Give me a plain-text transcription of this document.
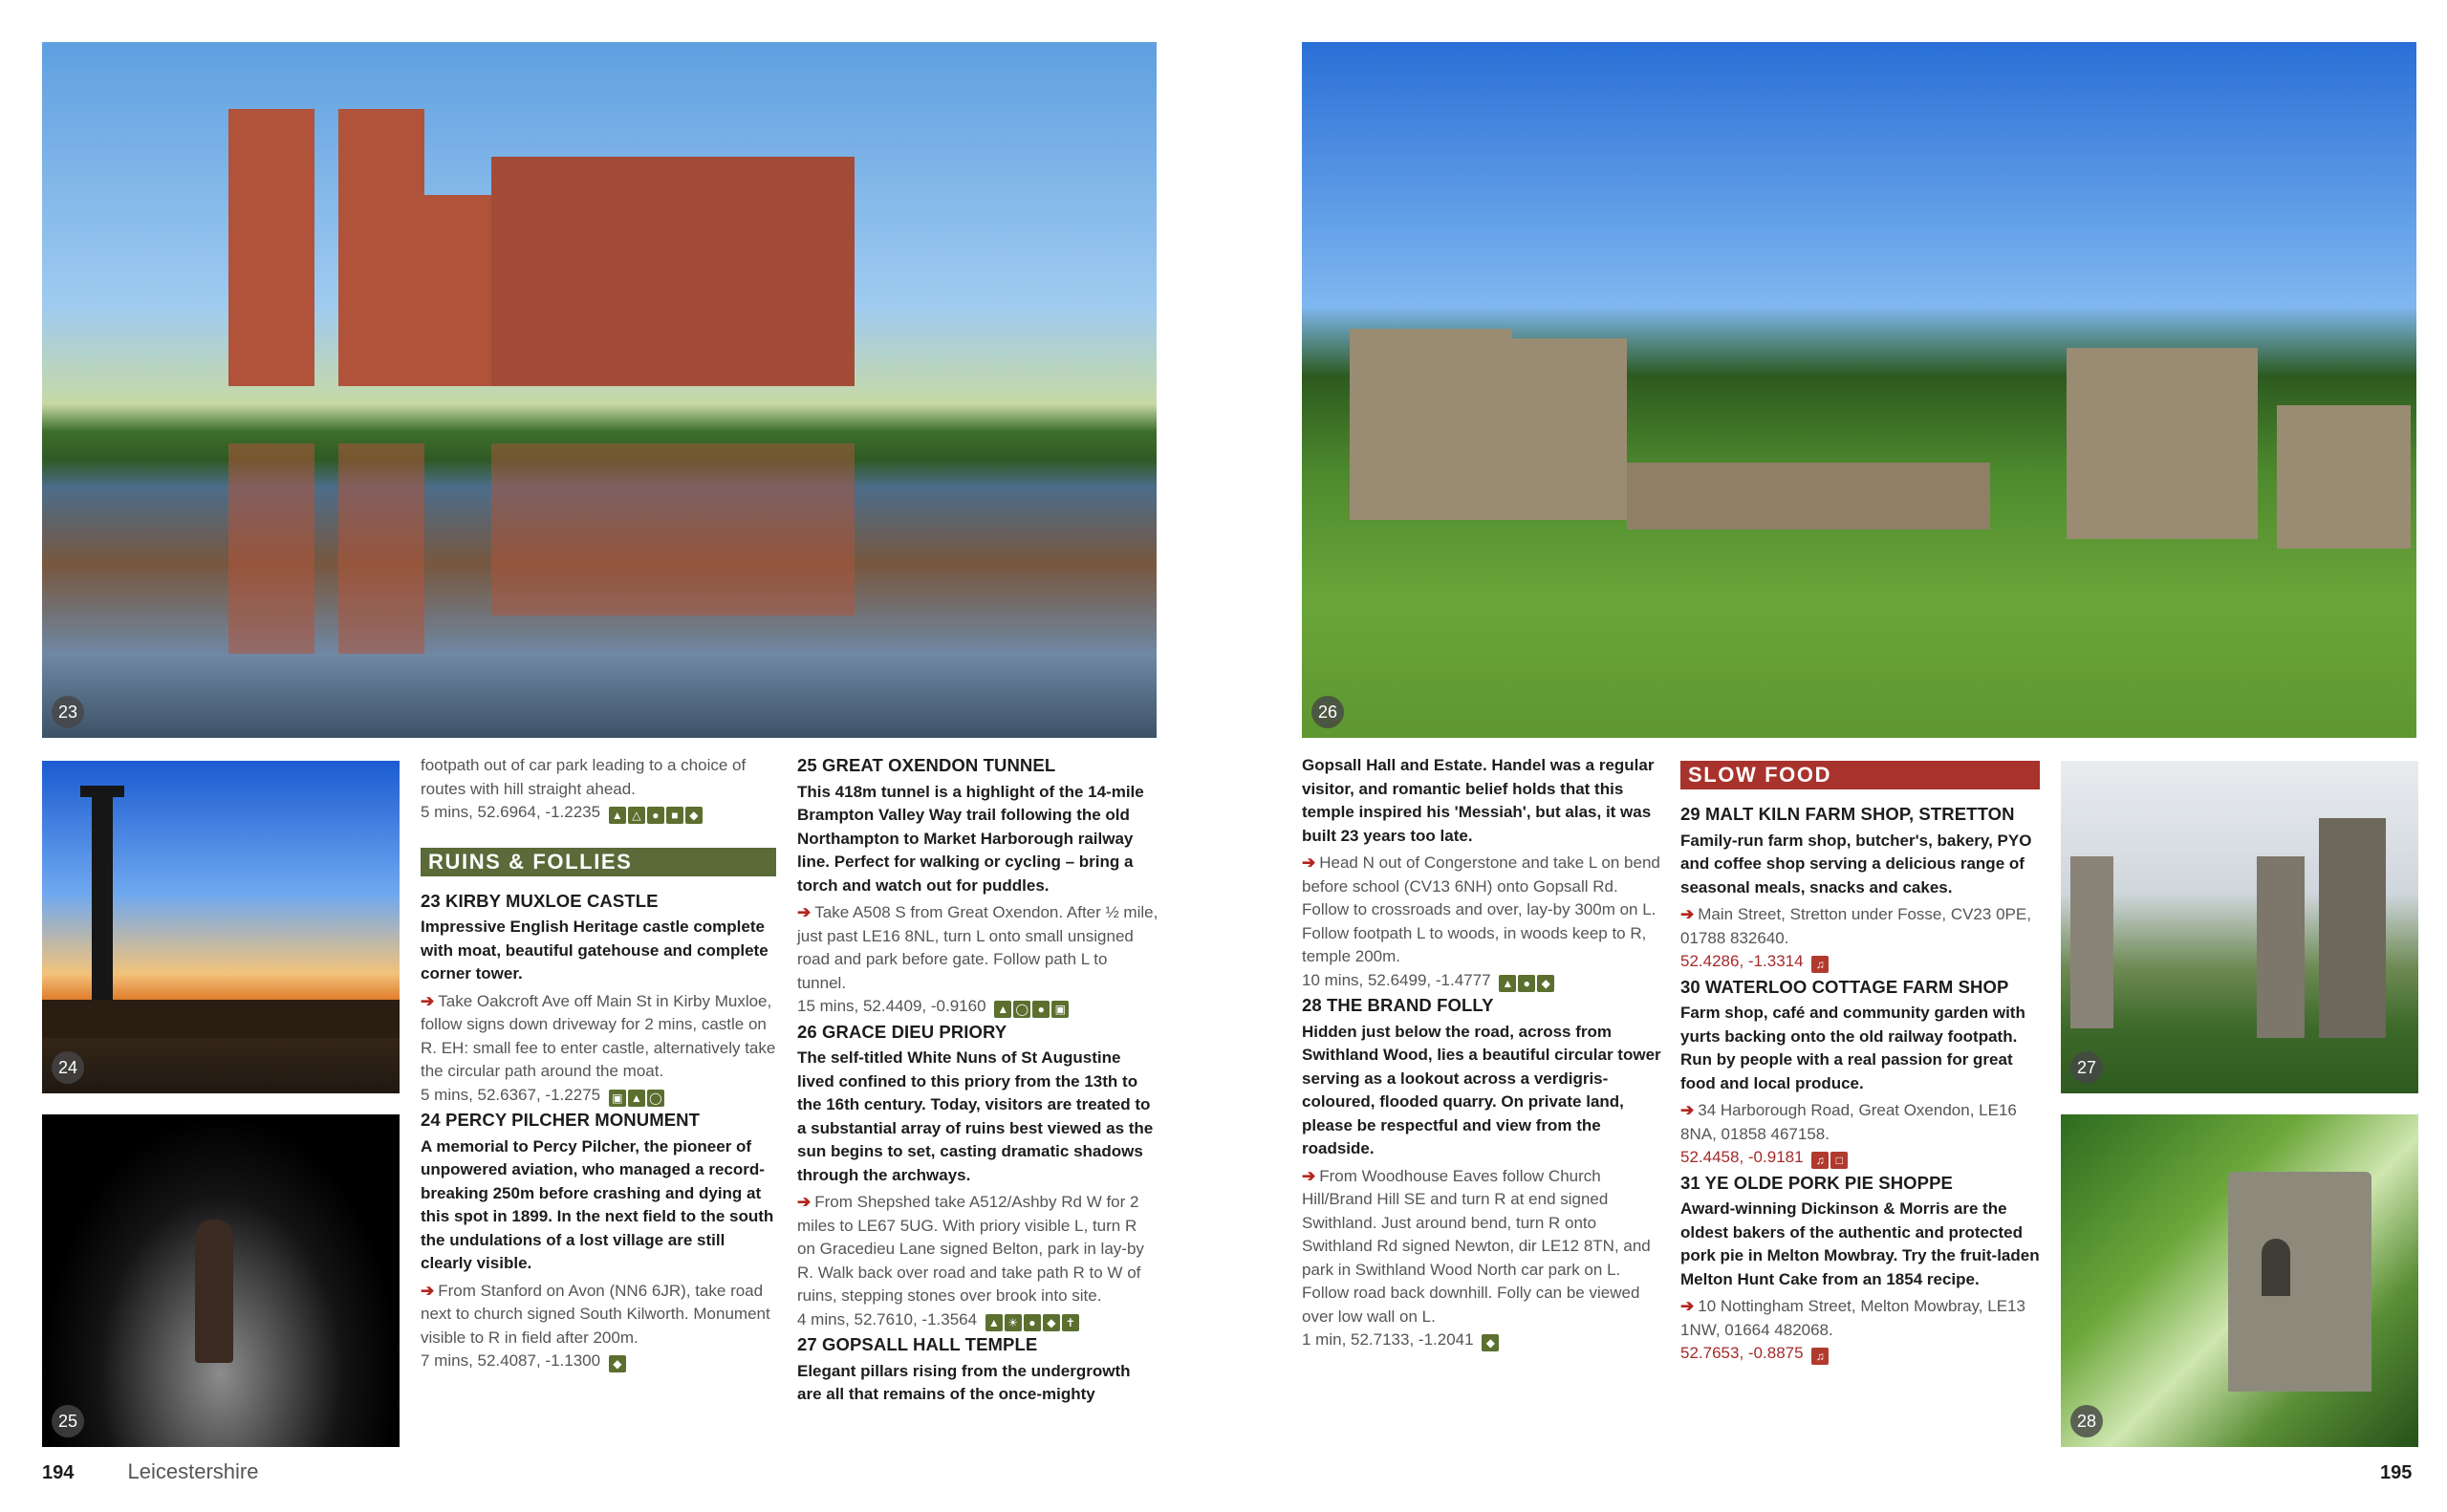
23	26
24
25
27
28
footpath out of car park leading to a choice of routes with hill straight ahead.
5 mins, 52.6964, -1.2235 ▲ △ ● ■ ◆
RUINS & FOLLIES
23 KIRBY MUXLOE CASTLE
Impressive English Heritage castle complete with moat, beautiful gatehouse and complete corner tower.
➔ Take Oakcroft Ave off Main St in Kirby Muxloe, follow signs down driveway for 2 mins, castle on R. EH: small fee to enter castle, alternatively take the circular path around the moat.
5 mins, 52.6367, -1.2275 ▣ ▲ ◯
24 PERCY PILCHER MONUMENT
A memorial to Percy Pilcher, the pioneer of unpowered aviation, who managed a record-breaking 250m before crashing and dying at this spot in 1899. In the next field to the south the undulations of a lost village are still clearly visible.
➔ From Stanford on Avon (NN6 6JR), take road next to church signed South Kilworth. Monument visible to R in field after 200m.
7 mins, 52.4087, -1.1300 ◆
25 GREAT OXENDON TUNNEL
This 418m tunnel is a highlight of the 14-mile Brampton Valley Way trail following the old Northampton to Market Harborough railway line. Perfect for walking or cycling – bring a torch and watch out for puddles.
➔ Take A508 S from Great Oxendon. After ½ mile, just past LE16 8NL, turn L onto small unsigned road and park before gate. Follow path L to tunnel.
15 mins, 52.4409, -0.9160 ▲ ◯ ● ▣
26 GRACE DIEU PRIORY
The self-titled White Nuns of St Augustine lived confined to this priory from the 13th to the 16th century. Today, visitors are treated to a substantial array of ruins best viewed as the sun begins to set, casting dramatic shadows through the archways.
➔ From Shepshed take A512/Ashby Rd W for 2 miles to LE67 5UG. With priory visible L, turn R on Gracedieu Lane signed Belton, park in lay-by R. Walk back over road and take path R to W of ruins, stepping stones over brook into site.
4 mins, 52.7610, -1.3564 ▲ ☀ ● ◆ ✝
27 GOPSALL HALL TEMPLE
Elegant pillars rising from the undergrowth are all that remains of the once-mighty
Gopsall Hall and Estate. Handel was a regular visitor, and romantic belief holds that this temple inspired his 'Messiah', but alas, it was built 23 years too late.
➔ Head N out of Congerstone and take L on bend before school (CV13 6NH) onto Gopsall Rd. Follow to crossroads and over, lay-by 300m on L. Follow footpath L to woods, in woods keep to R, temple 200m.
10 mins, 52.6499, -1.4777 ▲ ● ◆
28 THE BRAND FOLLY
Hidden just below the road, across from Swithland Wood, lies a beautiful circular tower serving as a lookout across a verdigris-coloured, flooded quarry. On private land, please be respectful and view from the roadside.
➔ From Woodhouse Eaves follow Church Hill/Brand Hill SE and turn R at end signed Swithland. Just around bend, turn R onto Swithland Rd signed Newton, dir LE12 8TN, and park in Swithland Wood North car park on L. Follow road back downhill. Folly can be viewed over low wall on L.
1 min, 52.7133, -1.2041 ◆
SLOW FOOD
29 MALT KILN FARM SHOP, STRETTON
Family-run farm shop, butcher's, bakery, PYO and coffee shop serving a delicious range of seasonal meals, snacks and cakes.
➔ Main Street, Stretton under Fosse, CV23 0PE, 01788 832640.
52.4286, -1.3314 ♫
30 WATERLOO COTTAGE FARM SHOP
Farm shop, café and community garden with yurts backing onto the old railway footpath. Run by people with a real passion for great food and local produce.
➔ 34 Harborough Road, Great Oxendon, LE16 8NA, 01858 467158.
52.4458, -0.9181 ♫ □
31 YE OLDE PORK PIE SHOPPE
Award-winning Dickinson & Morris are the oldest bakers of the authentic and protected pork pie in Melton Mowbray. Try the fruit-laden Melton Hunt Cake from an 1854 recipe.
➔ 10 Nottingham Street, Melton Mowbray, LE13 1NW, 01664 482068.
52.7653, -0.8875 ♫
194	Leicestershire	195
